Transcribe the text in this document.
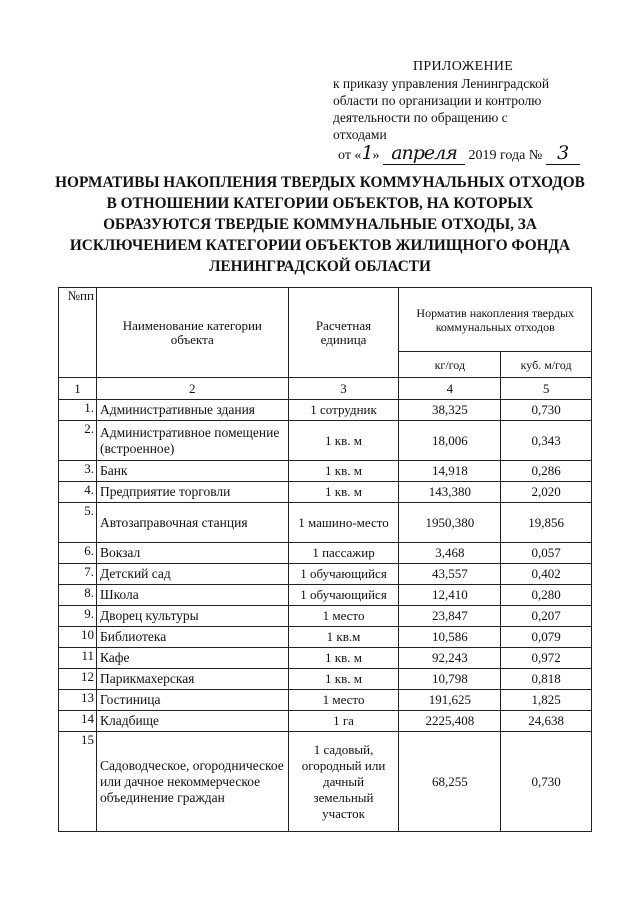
ПРИЛОЖЕНИЕ
к приказу управления Ленинградской
области по организации и контролю
деятельности по обращению с
отходами
от «1» апреля 2019 года № 3
НОРМАТИВЫ НАКОПЛЕНИЯ ТВЕРДЫХ КОММУНАЛЬНЫХ ОТХОДОВ
В ОТНОШЕНИИ КАТЕГОРИИ ОБЪЕКТОВ, НА КОТОРЫХ
ОБРАЗУЮТСЯ ТВЕРДЫЕ КОММУНАЛЬНЫЕ ОТХОДЫ, ЗА
ИСКЛЮЧЕНИЕМ КАТЕГОРИИ ОБЪЕКТОВ ЖИЛИЩНОГО ФОНДА
ЛЕНИНГРАДСКОЙ ОБЛАСТИ
№пп	Наименование категории объекта	Расчетная единица	Норматив накопления твердых коммунальных отходов	
			кг/год	куб. м/год
1	2	3	4	5
1.	Административные здания	1 сотрудник	38,325	0,730
2.	Административное помещение (встроенное)	1 кв. м	18,006	0,343
3.	Банк	1 кв. м	14,918	0,286
4.	Предприятие торговли	1 кв. м	143,380	2,020
5.	Автозаправочная станция	1 машино-место	1950,380	19,856
6.	Вокзал	1 пассажир	3,468	0,057
7.	Детский сад	1 обучающийся	43,557	0,402
8.	Школа	1 обучающийся	12,410	0,280
9.	Дворец культуры	1 место	23,847	0,207
10	Библиотека	1 кв.м	10,586	0,079
11	Кафе	1 кв. м	92,243	0,972
12	Парикмахерская	1 кв. м	10,798	0,818
13	Гостиница	1 место	191,625	1,825
14	Кладбище	1 га	2225,408	24,638
15	Садоводческое, огородническое или дачное некоммерческое объединение граждан	1 садовый, огородный или дачный земельный участок	68,255	0,730
